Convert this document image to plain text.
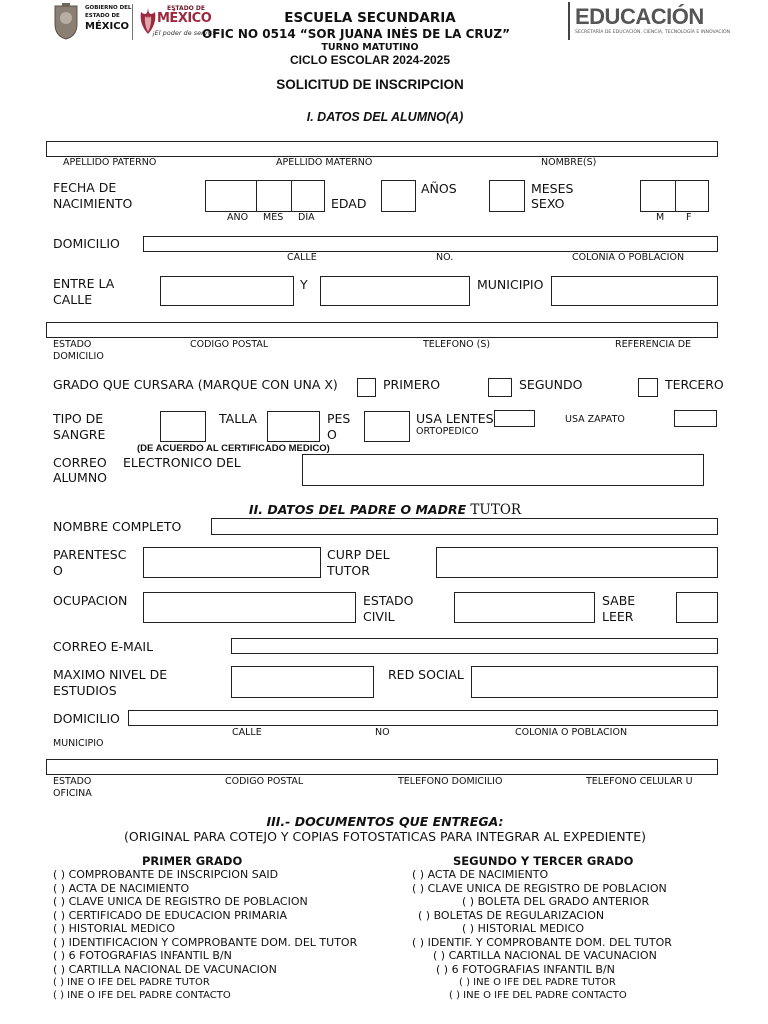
GOBIERNO DEL
ESTADO DE
MÉXICO
ESTADO DE
MÉXICO
¡El poder de servir!
ESCUELA SECUNDARIA
OFIC NO 0514 “SOR JUANA INÉS DE LA CRUZ”
TURNO MATUTINO
CICLO ESCOLAR 2024-2025
EDUCACIÓN
SECRETARÍA DE EDUCACIÓN, CIENCIA, TECNOLOGÍA E INNOVACIÓN
SOLICITUD DE INSCRIPCION
I. DATOS DEL ALUMNO(A)
APELLIDO PATERNO	APELLIDO MATERNO	NOMBRE(S)
FECHA DE NACIMIENTO
AÑO MES DIA
EDAD
AÑOS	MESES
SEXO
M F
DOMICILIO
CALLE	NO.	COLONIA O POBLACION
ENTRE LA CALLE
Y	MUNICIPIO
ESTADO DOMICILIO
CODIGO POSTAL	TELEFONO (S)	REFERENCIA DE
GRADO QUE CURSARA (MARQUE CON UNA X)	PRIMERO	SEGUNDO	TERCERO
TIPO DE SANGRE
TALLA	PESO
USA LENTES
ORTOPEDICO
USA ZAPATO
(DE ACUERDO AL CERTIFICADO MEDICO)
CORREO ELECTRONICO DEL
ALUMNO
II. DATOS DEL PADRE O MADRE TUTOR
NOMBRE COMPLETO
PARENTESCO
CURP DEL TUTOR
OCUPACION	ESTADO CIVIL
SABE LEER
CORREO E-MAIL
MAXIMO NIVEL DE ESTUDIOS
RED SOCIAL
DOMICILIO
CALLE	NO	COLONIA O POBLACION
MUNICIPIO
ESTADO OFICINA
CODIGO POSTAL	TELEFONO DOMICILIO	TELEFONO CELULAR U
III.- DOCUMENTOS QUE ENTREGA:
(ORIGINAL PARA COTEJO Y COPIAS FOTOSTATICAS PARA INTEGRAR AL EXPEDIENTE)
PRIMER GRADO	SEGUNDO Y TERCER GRADO
( ) COMPROBANTE DE INSCRIPCION SAID
( ) ACTA DE NACIMIENTO
( ) CLAVE UNICA DE REGISTRO DE POBLACION
( ) CERTIFICADO DE EDUCACION PRIMARIA
( ) HISTORIAL MEDICO
( ) IDENTIFICACION Y COMPROBANTE DOM. DEL TUTOR
( ) 6 FOTOGRAFIAS INFANTIL B/N
( ) CARTILLA NACIONAL DE VACUNACION
( ) INE O IFE DEL PADRE TUTOR
( ) INE O IFE DEL PADRE CONTACTO
( ) ACTA DE NACIMIENTO
( ) CLAVE UNICA DE REGISTRO DE POBLACION
( ) BOLETA DEL GRADO ANTERIOR
( ) BOLETAS DE REGULARIZACION
( ) HISTORIAL MEDICO
( ) IDENTIF. Y COMPROBANTE DOM. DEL TUTOR
( ) CARTILLA NACIONAL DE VACUNACION
( ) 6 FOTOGRAFIAS INFANTIL B/N
( ) INE O IFE DEL PADRE TUTOR
( ) INE O IFE DEL PADRE CONTACTO
